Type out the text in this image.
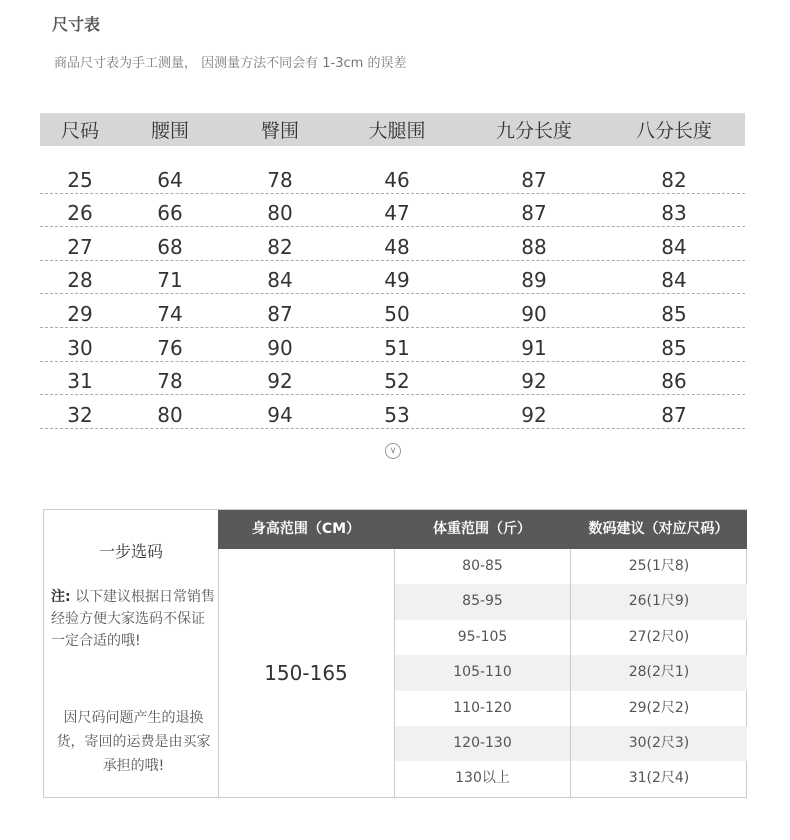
尺寸表
商品尺寸表为手工测量， 因测量方法不同会有 1-3cm 的误差
尺码	腰围	臀围	大腿围	九分长度	八分长度
25	64	78	46	87	82
26	66	80	47	87	83
27	68	82	48	88	84
28	71	84	49	89	84
29	74	87	50	90	85
30	76	90	51	91	85
31	78	92	52	92	86
32	80	94	53	92	87
∨
一步选码
注: 以下建议根据日常销售经验方便大家选码不保证一定合适的哦!
因尺码问题产生的退换货，寄回的运费是由买家承担的哦!
身高范围（CM）	体重范围（斤）	数码建议（对应尺码）
150-165
80-85	25(1尺8)
85-95	26(1尺9)
95-105	27(2尺0)
105-110	28(2尺1)
110-120	29(2尺2)
120-130	30(2尺3)
130以上	31(2尺4)
